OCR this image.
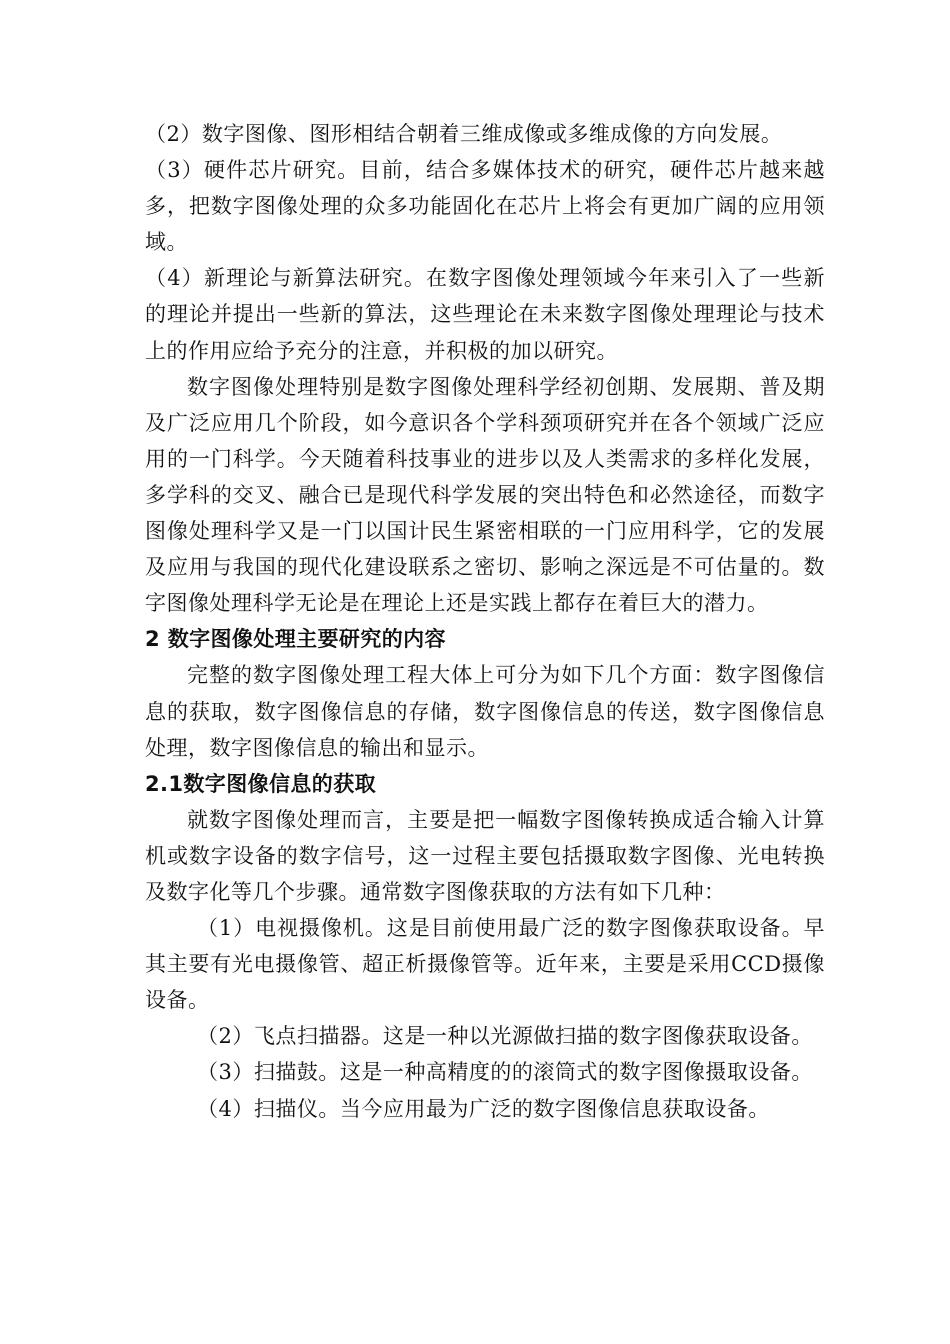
（2）数字图像、图形相结合朝着三维成像或多维成像的方向发展。

（3）硬件芯片研究。目前，结合多媒体技术的研究，硬件芯片越来越多，把数字图像处理的众多功能固化在芯片上将会有更加广阔的应用领域。

（4）新理论与新算法研究。在数字图像处理领域今年来引入了一些新的理论并提出一些新的算法，这些理论在未来数字图像处理理论与技术上的作用应给予充分的注意，并积极的加以研究。

数字图像处理特别是数字图像处理科学经初创期、发展期、普及期及广泛应用几个阶段，如今意识各个学科颈项研究并在各个领域广泛应用的一门科学。今天随着科技事业的进步以及人类需求的多样化发展，多学科的交叉、融合已是现代科学发展的突出特色和必然途径，而数字图像处理科学又是一门以国计民生紧密相联的一门应用科学，它的发展及应用与我国的现代化建设联系之密切、影响之深远是不可估量的。数字图像处理科学无论是在理论上还是实践上都存在着巨大的潜力。

2 数字图像处理主要研究的内容

完整的数字图像处理工程大体上可分为如下几个方面：数字图像信息的获取，数字图像信息的存储，数字图像信息的传送，数字图像信息处理，数字图像信息的输出和显示。

2.1数字图像信息的获取

就数字图像处理而言，主要是把一幅数字图像转换成适合输入计算机或数字设备的数字信号，这一过程主要包括摄取数字图像、光电转换及数字化等几个步骤。通常数字图像获取的方法有如下几种：

（1）电视摄像机。这是目前使用最广泛的数字图像获取设备。早其主要有光电摄像管、超正析摄像管等。近年来，主要是采用CCD摄像设备。

（2）飞点扫描器。这是一种以光源做扫描的数字图像获取设备。

（3）扫描鼓。这是一种高精度的的滚筒式的数字图像摄取设备。

（4）扫描仪。当今应用最为广泛的数字图像信息获取设备。
